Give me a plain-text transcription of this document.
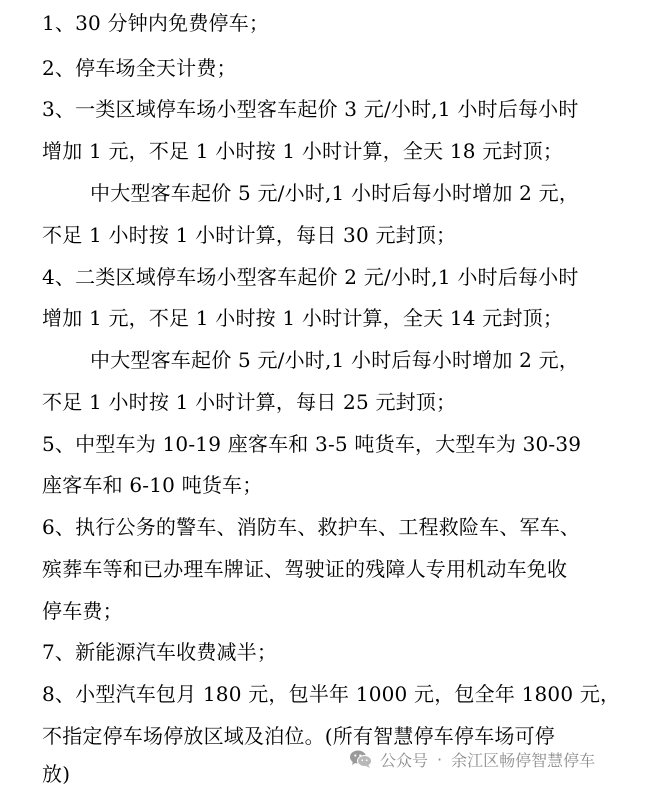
1、30 分钟内免费停车；
2、停车场全天计费；
3、一类区域停车场小型客车起价 3 元/小时,1 小时后每小时
增加 1 元，不足 1 小时按 1 小时计算，全天 18 元封顶；
中大型客车起价 5 元/小时,1 小时后每小时增加 2 元，
不足 1 小时按 1 小时计算，每日 30 元封顶；
4、二类区域停车场小型客车起价 2 元/小时,1 小时后每小时
增加 1 元，不足 1 小时按 1 小时计算，全天 14 元封顶；
中大型客车起价 5 元/小时,1 小时后每小时增加 2 元，
不足 1 小时按 1 小时计算，每日 25 元封顶；
5、中型车为 10-19 座客车和 3-5 吨货车，大型车为 30-39
座客车和 6-10 吨货车；
6、执行公务的警车、消防车、救护车、工程救险车、军车、
殡葬车等和已办理车牌证、驾驶证的残障人专用机动车免收
停车费；
7、新能源汽车收费减半；
8、小型汽车包月 180 元，包半年 1000 元，包全年 1800 元，
不指定停车场停放区域及泊位。(所有智慧停车停车场可停
放)
公众号 · 余江区畅停智慧停车
